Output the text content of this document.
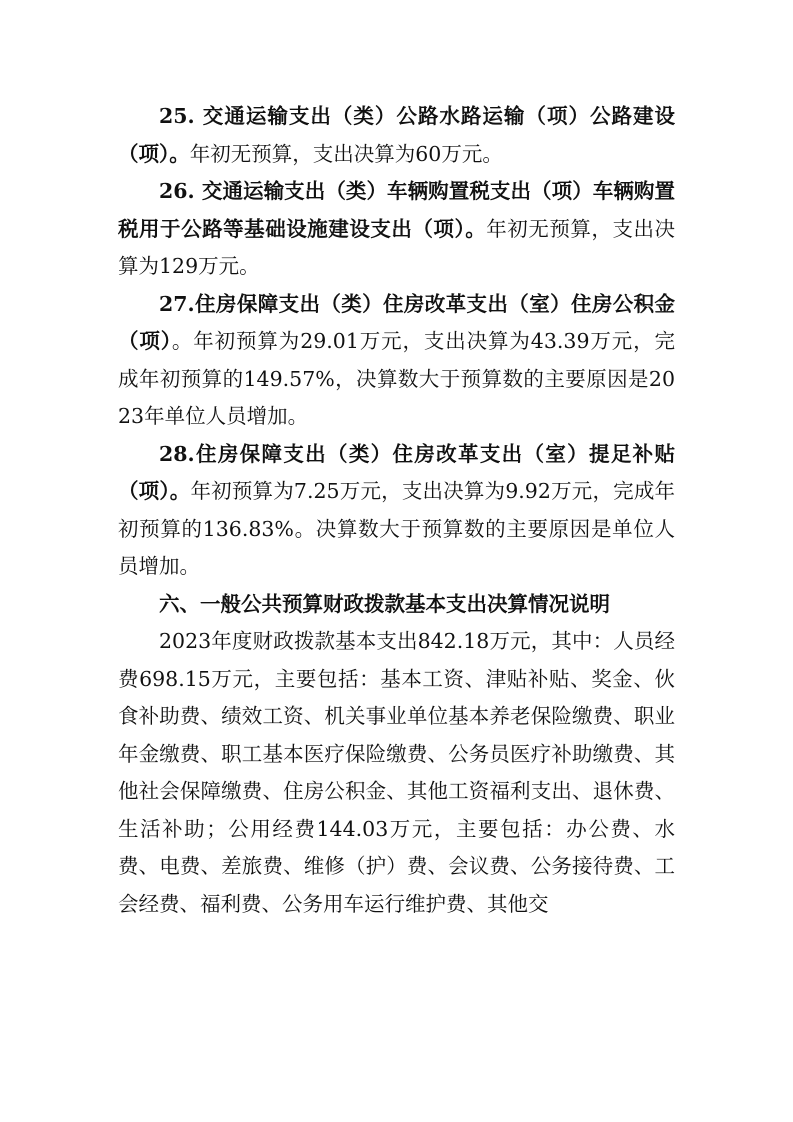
25. 交通运输支出（类）公路水路运输（项）公路建设（项）。年初无预算，支出决算为60万元。

26. 交通运输支出（类）车辆购置税支出（项）车辆购置税用于公路等基础设施建设支出（项）。年初无预算，支出决算为129万元。

27.住房保障支出（类）住房改革支出（室）住房公积金（项）。年初预算为29.01万元，支出决算为43.39万元，完成年初预算的149.57%，决算数大于预算数的主要原因是2023年单位人员增加。

28.住房保障支出（类）住房改革支出（室）提足补贴（项）。年初预算为7.25万元，支出决算为9.92万元，完成年初预算的136.83%。决算数大于预算数的主要原因是单位人员增加。

六、一般公共预算财政拨款基本支出决算情况说明

2023年度财政拨款基本支出842.18万元，其中：人员经费698.15万元，主要包括：基本工资、津贴补贴、奖金、伙食补助费、绩效工资、机关事业单位基本养老保险缴费、职业年金缴费、职工基本医疗保险缴费、公务员医疗补助缴费、其他社会保障缴费、住房公积金、其他工资福利支出、退休费、生活补助；公用经费144.03万元，主要包括：办公费、水费、电费、差旅费、维修（护）费、会议费、公务接待费、工会经费、福利费、公务用车运行维护费、其他交
